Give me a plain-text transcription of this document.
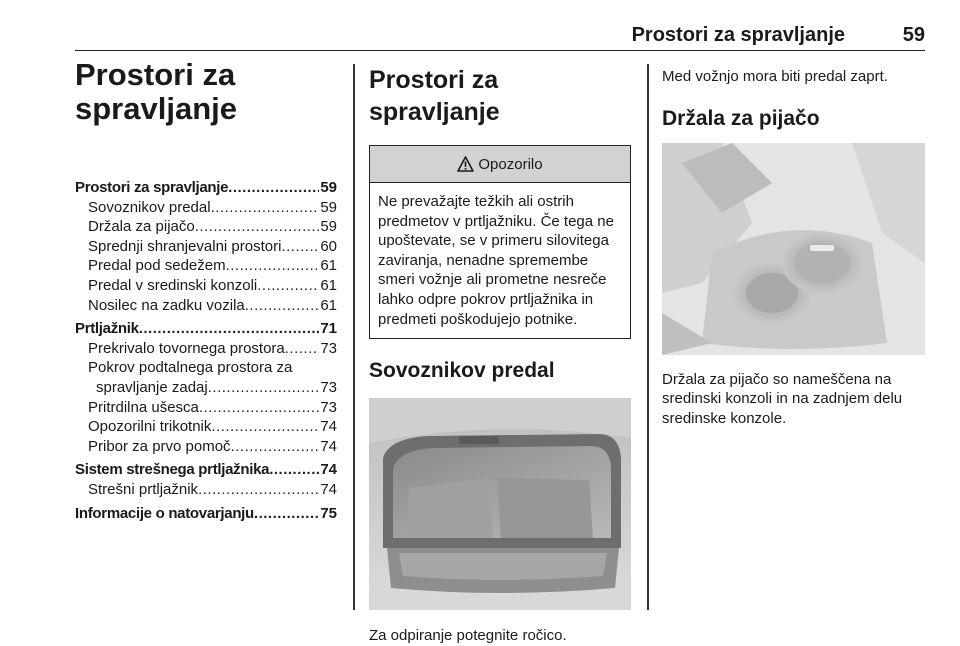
Prostori za spravljanje	59
Prostori za
spravljanje
Prostori za spravljanje .....	59
Sovoznikov predal .....	59
Držala za pijačo .....	59
Sprednji shranjevalni prostori .....	60
Predal pod sedežem .....	61
Predal v sredinski konzoli .....	61
Nosilec na zadku vozila .....	61
Prtljažnik .....	71
Prekrivalo tovornega prostora ..... 73
Pokrov podtalnega prostora za
spravljanje zadaj .....	73
Pritrdilna ušesca .....	73
Opozorilni trikotnik .....	74
Pribor za prvo pomoč .....	74
Sistem strešnega prtljažnika .....	74
Strešni prtljažnik .....	74
Informacije o natovarjanju .....	75
Prostori za spravljanje
Opozorilo
Ne prevažajte težkih ali ostrih predmetov v prtljažniku. Če tega ne upoštevate, se v primeru silovitega zaviranja, nenadne spremembe smeri vožnje ali prometne nesreče lahko odpre pokrov prtljažnika in predmeti poškodujejo potnike.
Sovoznikov predal
Za odpiranje potegnite ročico.
Med vožnjo mora biti predal zaprt.
Držala za pijačo
Držala za pijačo so nameščena na sredinski konzoli in na zadnjem delu sredinske konzole.
